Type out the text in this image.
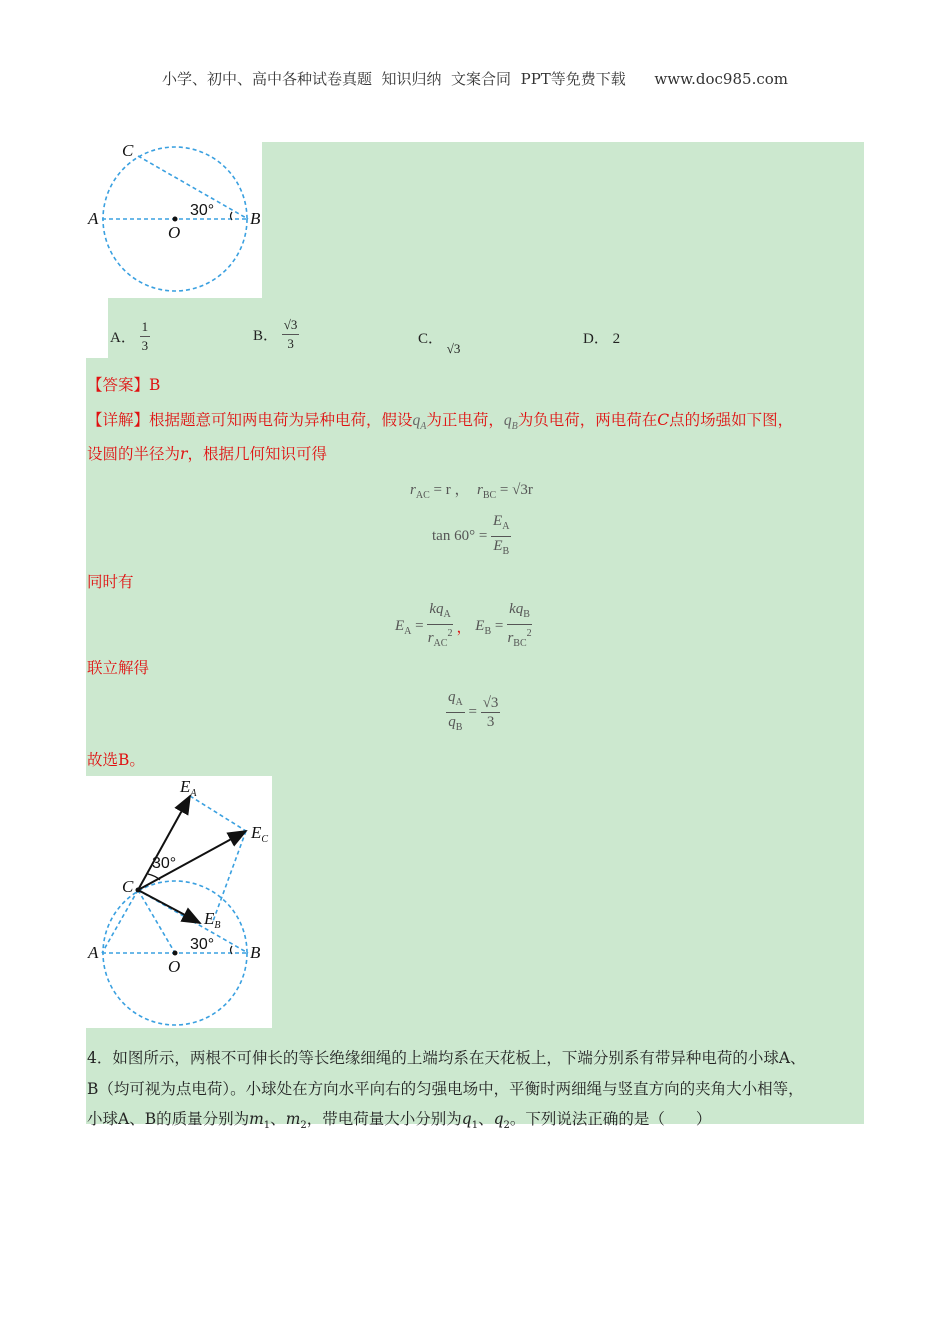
小学、初中、高中各种试卷真题  知识归纳  文案合同  PPT等免费下载      www.doc985.com
C
A	B
O
30°
A． $\frac{1}{3}$	B． $\frac{√3}{3}$	C． √3
D． 2
【答案】B
【详解】根据题意可知两电荷为异种电荷，假设$q_A$为正电荷，$q_B$为负电荷，两电荷在C点的场强如下图，
设圆的半径为r，根据几何知识可得
$r_{AC} = r$ ， $r_{BC} = √3r$
$\tan 60^\circ = \frac{E_A}{E_B}$
同时有
$E_A = \frac{kq_A}{r_{AC}^2}$ ， $E_B = \frac{kq_B}{r_{BC}^2}$
联立解得
$\frac{q_A}{q_B} = \frac{√3}{3}$
故选B。
$E_A$
$E_C$
$E_B$
C
A	B
O
30°
30°
4．如图所示，两根不可伸长的等长绝缘细绳的上端均系在天花板上，下端分别系有带异种电荷的小球A、
B（均可视为点电荷）。小球处在方向水平向右的匀强电场中，平衡时两细绳与竖直方向的夹角大小相等，
小球A、B的质量分别为$m_1$、$m_2$，带电荷量大小分别为$q_1$、$q_2$。下列说法正确的是（　　）
